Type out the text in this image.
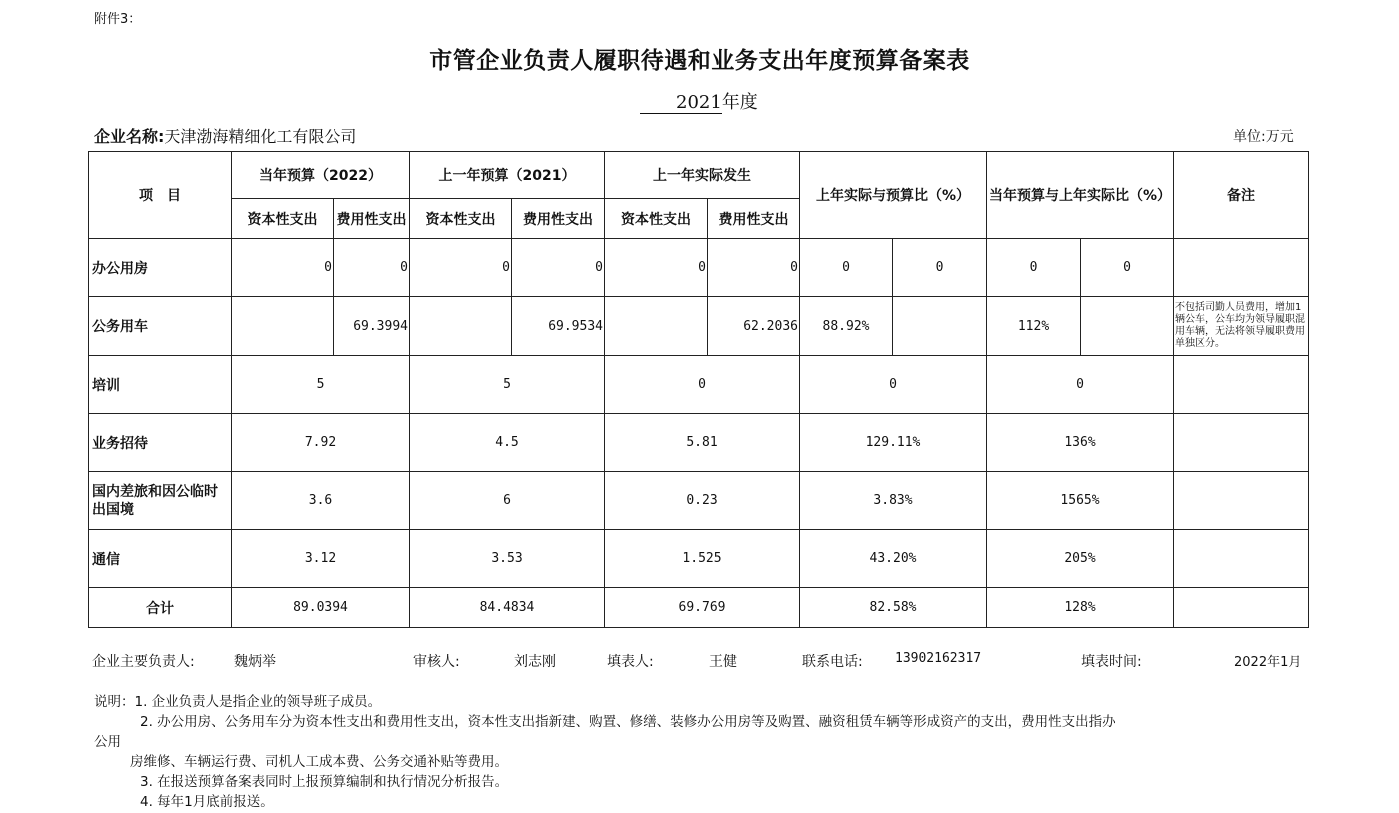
附件3：
市管企业负责人履职待遇和业务支出年度预算备案表
2021年度
企业名称:天津渤海精细化工有限公司	单位:万元
项　目	当年预算（2022）		上一年预算（2021）		上一年实际发生		上年实际与预算比（%）		当年预算与上年实际比（%）		备注
	资本性支出	费用性支出	资本性支出	费用性支出	资本性支出	费用性支出					
办公用房	0	0	0	0	0	0	0	0	0	0	
公务用车		69.3994		69.9534		62.2036	88.92%		112%		不包括司勤人员费用，增加1辆公车，公车均为领导履职混用车辆，无法将领导履职费用单独区分。
培训	5		5		0		0		0		
业务招待	7.92		4.5		5.81		129.11%		136%		
国内差旅和因公临时出国境	3.6		6		0.23		3.83%		1565%		
通信	3.12		3.53		1.525		43.20%		205%		
合计	89.0394		84.4834		69.769		82.58%		128%		
企业主要负责人:	魏炳举	审核人:	刘志刚	填表人:	王健	联系电话: 13902162317	填表时间:	2022年1月
说明：1. 企业负责人是指企业的领导班子成员。
2. 办公用房、公务用车分为资本性支出和费用性支出，资本性支出指新建、购置、修缮、装修办公用房等及购置、融资租赁车辆等形成资产的支出，费用性支出指办
公用
房维修、车辆运行费、司机人工成本费、公务交通补贴等费用。
3. 在报送预算备案表同时上报预算编制和执行情况分析报告。
4. 每年1月底前报送。
